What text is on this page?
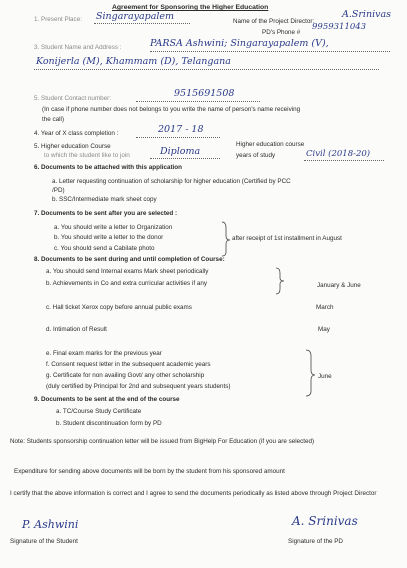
Agreement for Sponsoring the Higher Education
1. Present Place: Singarayapalem	Name of the Project Director:
A.Srinivas
PD's Phone #
9959311043
3. Student Name and Address :	PARSA Ashwini; Singarayapalem (V),
Konijerla (M), Khammam (D), Telangana
5. Student Contact number:	9515691508
(In case if phone number does not belongs to you write the name of person's name receiving
the call)
4. Year of X class completion :	2017 - 18
5. Higher education Course
to which the student like to join	Diploma
Higher education course
years of study	Civil (2018-20)
6. Documents to be attached with this application
a. Letter requesting continuation of scholarship for higher education (Certified by PCC
/PD)
b. SSC/Intermediate mark sheet copy
7. Documents to be sent after you are selected :
a. You should write a letter to Organization
b. You should write a letter to the donor
c. You should send a Cabilate photo
after receipt of 1st installment in August
8. Documents to be sent during and until completion of Course:
a. You should send Internal exams Mark sheet periodically
b. Achievements in Co and extra curricular activities if any	January & June
c. Hall ticket Xerox copy before annual public exams	March
d. Intimation of Result	May
e. Final exam marks for the previous year
f. Consent request letter in the subsequent academic years
g. Certificate for non availing Govt/ any other scholarship	June
(duly certified by Principal for 2nd and subsequent years students)
9. Documents to be sent at the end of the course
a. TC/Course Study Certificate
b. Student discontinuation form by PD
Note: Students sponsorship continuation letter will be issued from BigHelp For Education (if you are selected)
Expenditure for sending above documents will be born by the student from his sponsored amount
I certify that the above information is correct and I agree to send the documents periodically as listed above through Project Director
P. Ashwini
Signature of the Student
A. Srinivas
Signature of the PD
